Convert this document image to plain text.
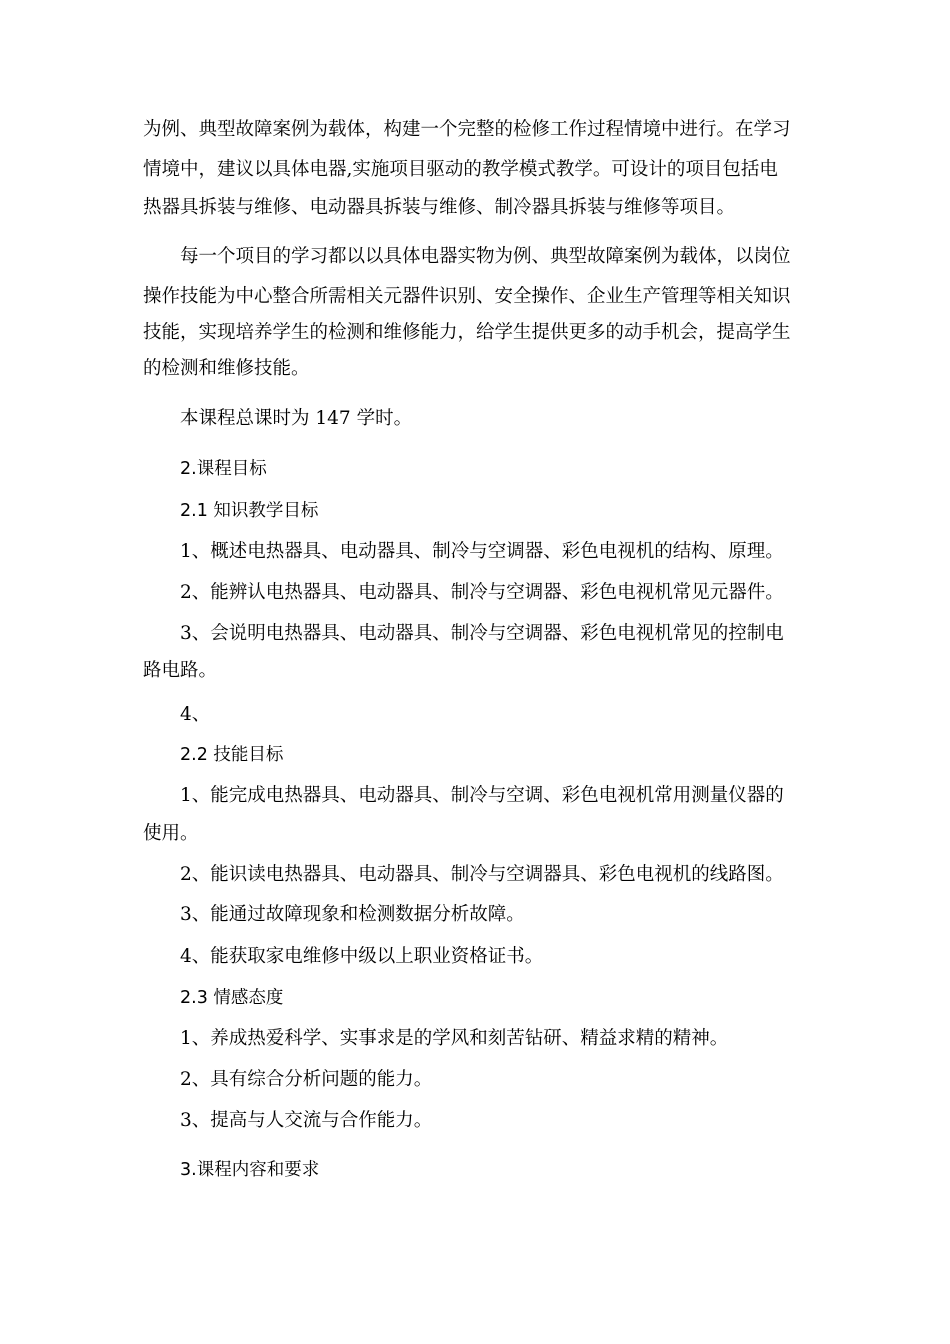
为例、典型故障案例为载体，构建一个完整的检修工作过程情境中进行。在学习

情境中，建议以具体电器,实施项目驱动的教学模式教学。可设计的项目包括电

热器具拆装与维修、电动器具拆装与维修、制冷器具拆装与维修等项目。

每一个项目的学习都以以具体电器实物为例、典型故障案例为载体，以岗位

操作技能为中心整合所需相关元器件识别、安全操作、企业生产管理等相关知识

技能，实现培养学生的检测和维修能力，给学生提供更多的动手机会，提高学生

的检测和维修技能。

本课程总课时为 147 学时。

2.课程目标

2.1 知识教学目标

1、概述电热器具、电动器具、制冷与空调器、彩色电视机的结构、原理。

2、能辨认电热器具、电动器具、制冷与空调器、彩色电视机常见元器件。

3、会说明电热器具、电动器具、制冷与空调器、彩色电视机常见的控制电

路电路。

4、

2.2 技能目标

1、能完成电热器具、电动器具、制冷与空调、彩色电视机常用测量仪器的

使用。

2、能识读电热器具、电动器具、制冷与空调器具、彩色电视机的线路图。

3、能通过故障现象和检测数据分析故障。

4、能获取家电维修中级以上职业资格证书。

2.3 情感态度

1、养成热爱科学、实事求是的学风和刻苦钻研、精益求精的精神。

2、具有综合分析问题的能力。

3、提高与人交流与合作能力。

3.课程内容和要求
